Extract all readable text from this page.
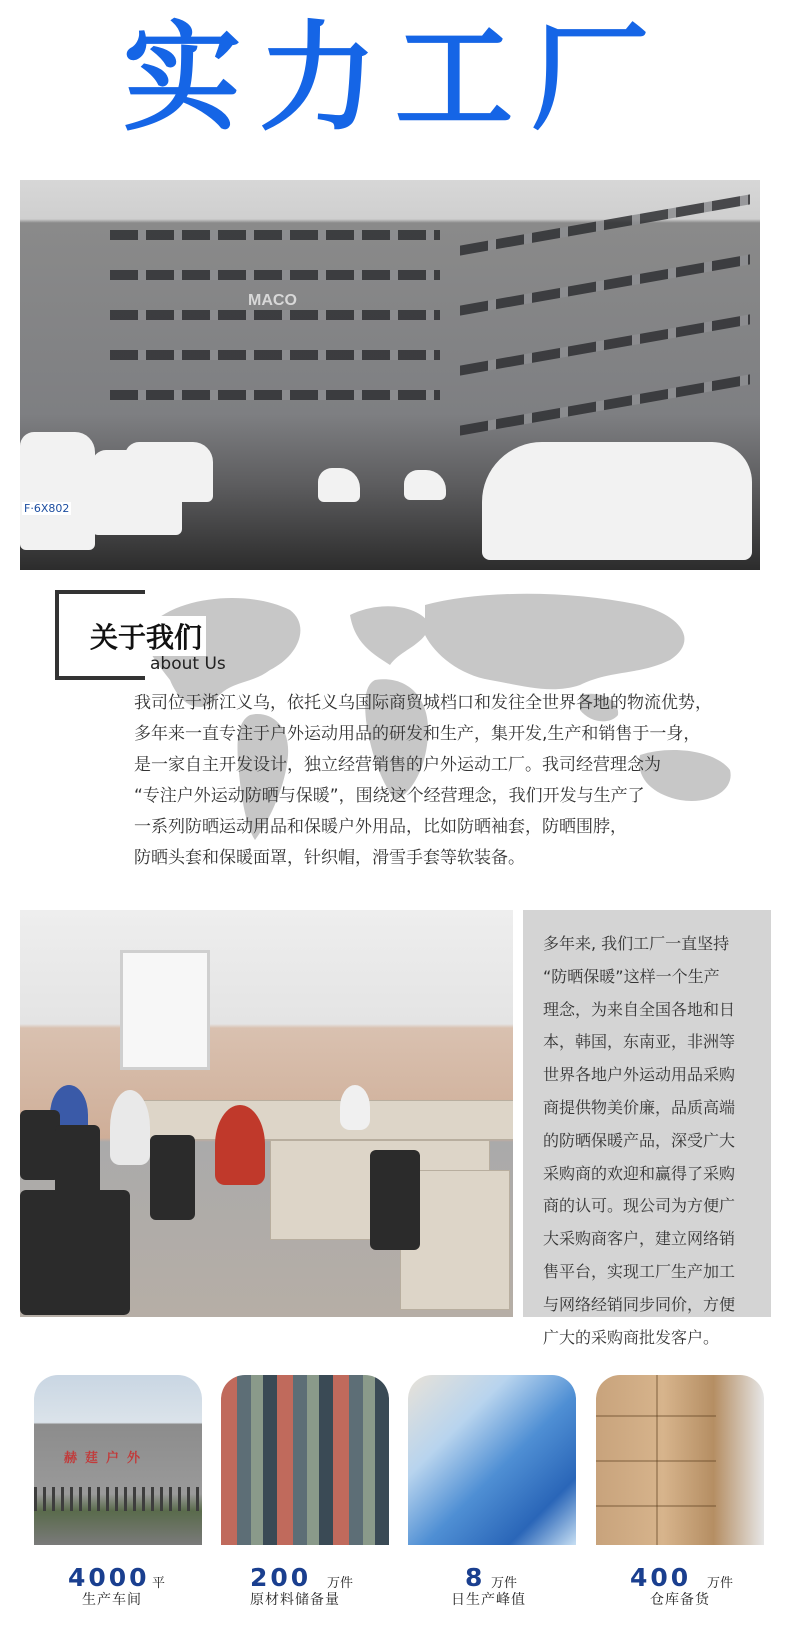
实力工厂
MACO
F·6X802
关于我们
about Us

我司位于浙江义乌，依托义乌国际商贸城档口和发往全世界各地的物流优势，

多年来一直专注于户外运动用品的研发和生产，集开发,生产和销售于一身，

是一家自主开发设计，独立经营销售的户外运动工厂。我司经营理念为

“专注户外运动防晒与保暖”，围绕这个经营理念，我们开发与生产了

一系列防晒运动用品和保暖户外用品，比如防晒袖套，防晒围脖，

防晒头套和保暖面罩，针织帽，滑雪手套等软装备。

多年来, 我们工厂一直坚持

“防晒保暖”这样一个生产

理念，为来自全国各地和日

本，韩国，东南亚，非洲等

世界各地户外运动用品采购

商提供物美价廉，品质高端

的防晒保暖产品，深受广大

采购商的欢迎和赢得了采购

商的认可。现公司为方便广

大采购商客户，建立网络销

售平台，实现工厂生产加工

与网络经销同步同价，方便

广大的采购商批发客户。

赫莛户外
4000 平
生产车间
200 万件
原材料储备量
8 万件
日生产峰值
400 万件
仓库备货
